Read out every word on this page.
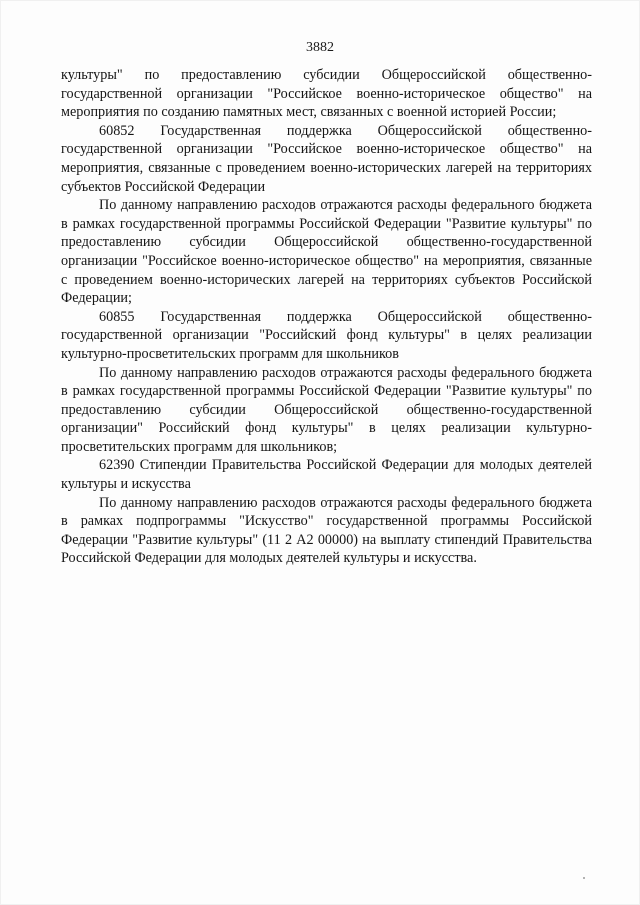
3882

культуры" по предоставлению субсидии Общероссийской общественно-государственной организации "Российское военно-историческое общество" на мероприятия по созданию памятных мест, связанных с военной историей России;

60852 Государственная поддержка Общероссийской общественно-государственной организации "Российское военно-историческое общество" на мероприятия, связанные с проведением военно-исторических лагерей на территориях субъектов Российской Федерации

По данному направлению расходов отражаются расходы федерального бюджета в рамках государственной программы Российской Федерации "Развитие культуры" по предоставлению субсидии Общероссийской общественно-государственной организации "Российское военно-историческое общество" на мероприятия, связанные с проведением военно-исторических лагерей на территориях субъектов Российской Федерации;

60855 Государственная поддержка Общероссийской общественно-государственной организации "Российский фонд культуры" в целях реализации культурно-просветительских программ для школьников

По данному направлению расходов отражаются расходы федерального бюджета в рамках государственной программы Российской Федерации "Развитие культуры" по предоставлению субсидии Общероссийской общественно-государственной организации" Российский фонд культуры" в целях реализации культурно-просветительских программ для школьников;

62390 Стипендии Правительства Российской Федерации для молодых деятелей культуры и искусства

По данному направлению расходов отражаются расходы федерального бюджета в рамках подпрограммы "Искусство" государственной программы Российской Федерации "Развитие культуры" (11 2 А2 00000) на выплату стипендий Правительства Российской Федерации для молодых деятелей культуры и искусства.
